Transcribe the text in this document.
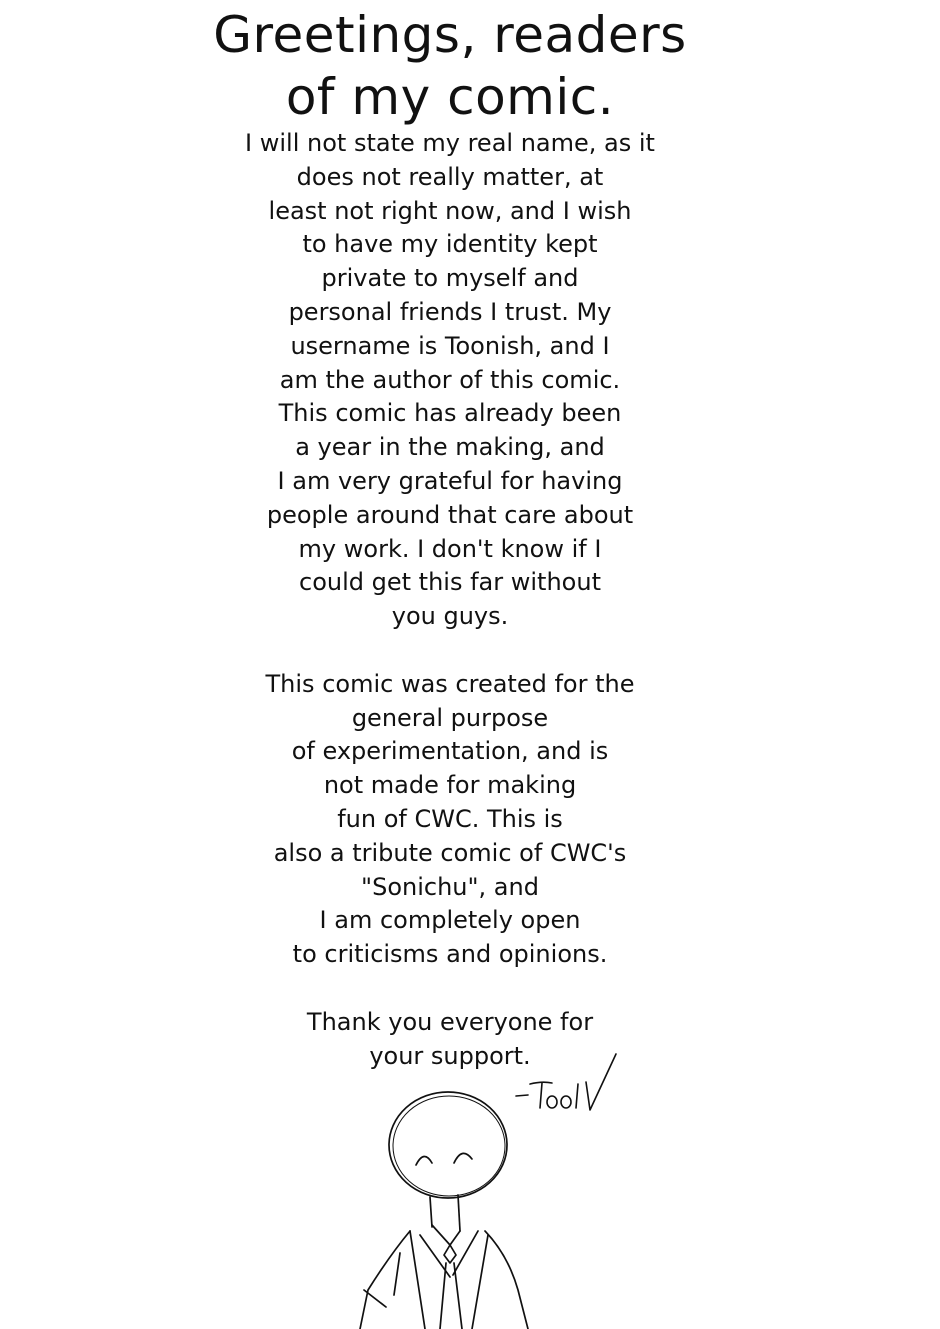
Greetings, readers
of my comic.
I will not state my real name, as it
does not really matter, at
least not right now, and I wish
to have my identity kept
private to myself and
personal friends I trust. My
username is Toonish, and I
am the author of this comic.
This comic has already been
a year in the making, and
I am very grateful for having
people around that care about
my work. I don't know if I
could get this far without
you guys.
This comic was created for the
general purpose
of experimentation, and is
not made for making
fun of CWC. This is
also a tribute comic of CWC's
"Sonichu", and
I am completely open
to criticisms and opinions.
Thank you everyone for
your support.
